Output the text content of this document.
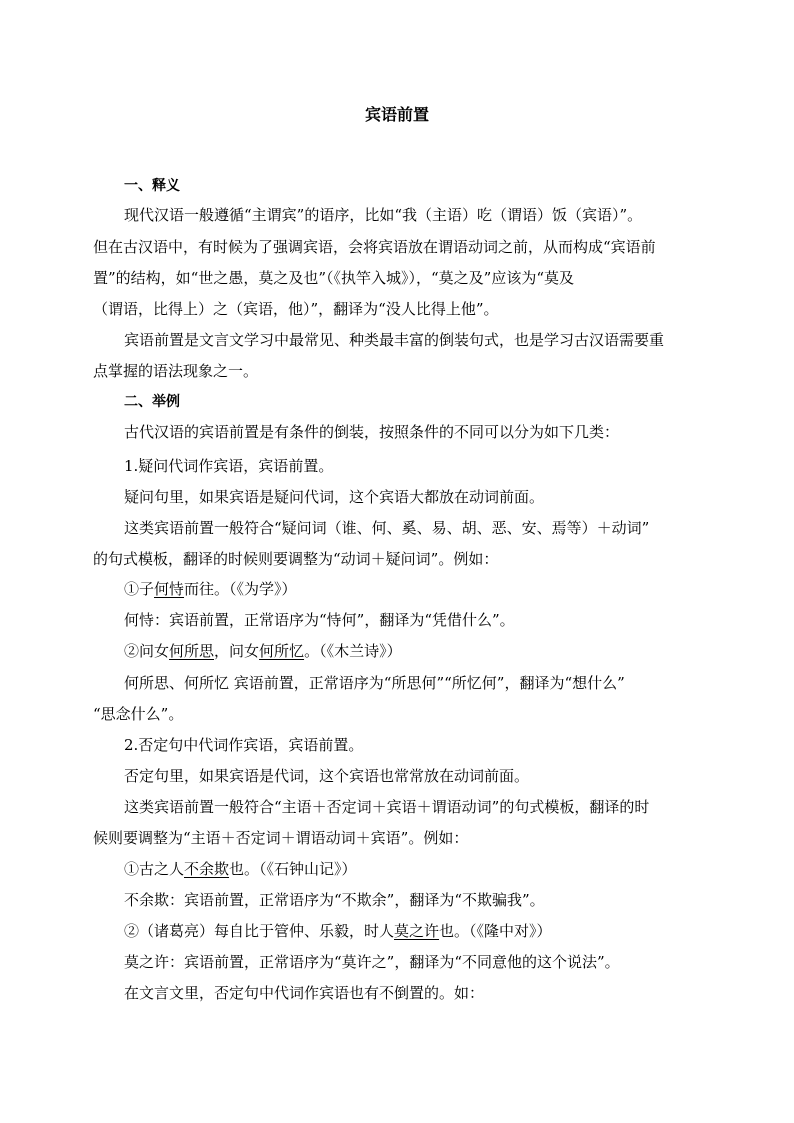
宾语前置
一、释义
现代汉语一般遵循“主谓宾”的语序，比如“我（主语）吃（谓语）饭（宾语）”。
但在古汉语中，有时候为了强调宾语，会将宾语放在谓语动词之前，从而构成“宾语前
置”的结构，如“世之愚，莫之及也”（《执竿入城》），“莫之及”应该为“莫及
（谓语，比得上）之（宾语，他）”，翻译为“没人比得上他”。
宾语前置是文言文学习中最常见、种类最丰富的倒装句式，也是学习古汉语需要重
点掌握的语法现象之一。
二、举例
古代汉语的宾语前置是有条件的倒装，按照条件的不同可以分为如下几类：
1.疑问代词作宾语，宾语前置。
疑问句里，如果宾语是疑问代词，这个宾语大都放在动词前面。
这类宾语前置一般符合“疑问词（谁、何、奚、易、胡、恶、安、焉等）＋动词”
的句式模板，翻译的时候则要调整为“动词＋疑问词”。例如：
①子何恃而往。（《为学》）
何恃：宾语前置，正常语序为“恃何”，翻译为“凭借什么”。
②问女何所思，问女何所忆。（《木兰诗》）
何所思、何所忆 宾语前置，正常语序为“所思何”“所忆何”，翻译为“想什么”
“思念什么”。
2.否定句中代词作宾语，宾语前置。
否定句里，如果宾语是代词，这个宾语也常常放在动词前面。
这类宾语前置一般符合“主语＋否定词＋宾语＋谓语动词”的句式模板，翻译的时
候则要调整为“主语＋否定词＋谓语动词＋宾语”。例如：
①古之人不余欺也。（《石钟山记》）
不余欺：宾语前置，正常语序为“不欺余”，翻译为“不欺骗我”。
②（诸葛亮）每自比于管仲、乐毅，时人莫之许也。（《隆中对》）
莫之许：宾语前置，正常语序为“莫许之”，翻译为“不同意他的这个说法”。
在文言文里，否定句中代词作宾语也有不倒置的。如：
